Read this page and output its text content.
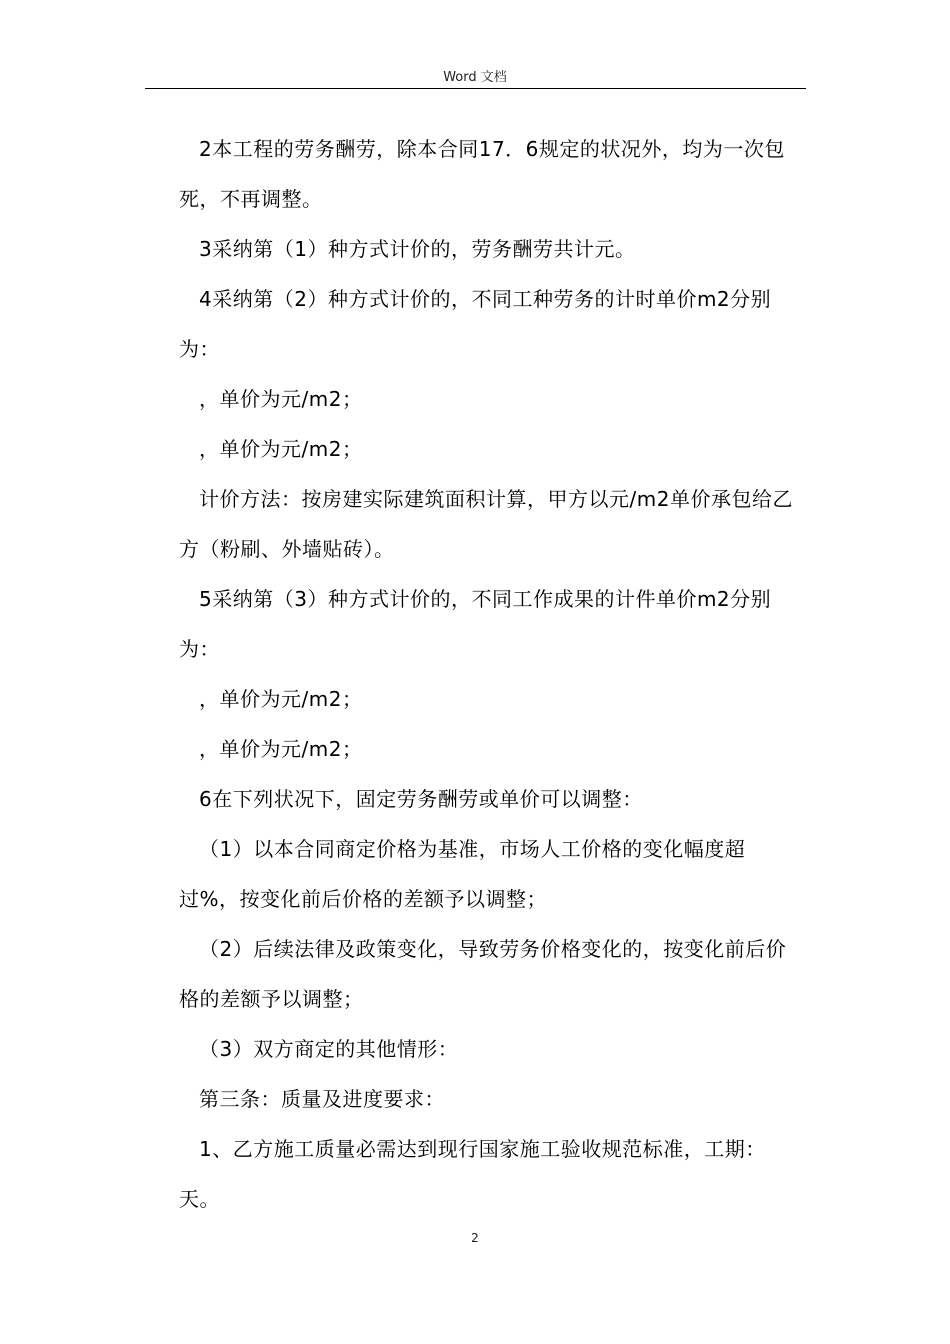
Word 文档

2本工程的劳务酬劳，除本合同17．6规定的状况外，均为一次包死，不再调整。

3采纳第（1）种方式计价的，劳务酬劳共计元。

4采纳第（2）种方式计价的，不同工种劳务的计时单价m2分别为：

，单价为元/m2；

，单价为元/m2；

计价方法：按房建实际建筑面积计算，甲方以元/m2单价承包给乙方（粉刷、外墙贴砖）。

5采纳第（3）种方式计价的，不同工作成果的计件单价m2分别为：

，单价为元/m2；

，单价为元/m2；

6在下列状况下，固定劳务酬劳或单价可以调整：

（1）以本合同商定价格为基准，市场人工价格的变化幅度超过%，按变化前后价格的差额予以调整；

（2）后续法律及政策变化，导致劳务价格变化的，按变化前后价格的差额予以调整；

（3）双方商定的其他情形：

第三条：质量及进度要求：

1、乙方施工质量必需达到现行国家施工验收规范标准，工期：天。

2
